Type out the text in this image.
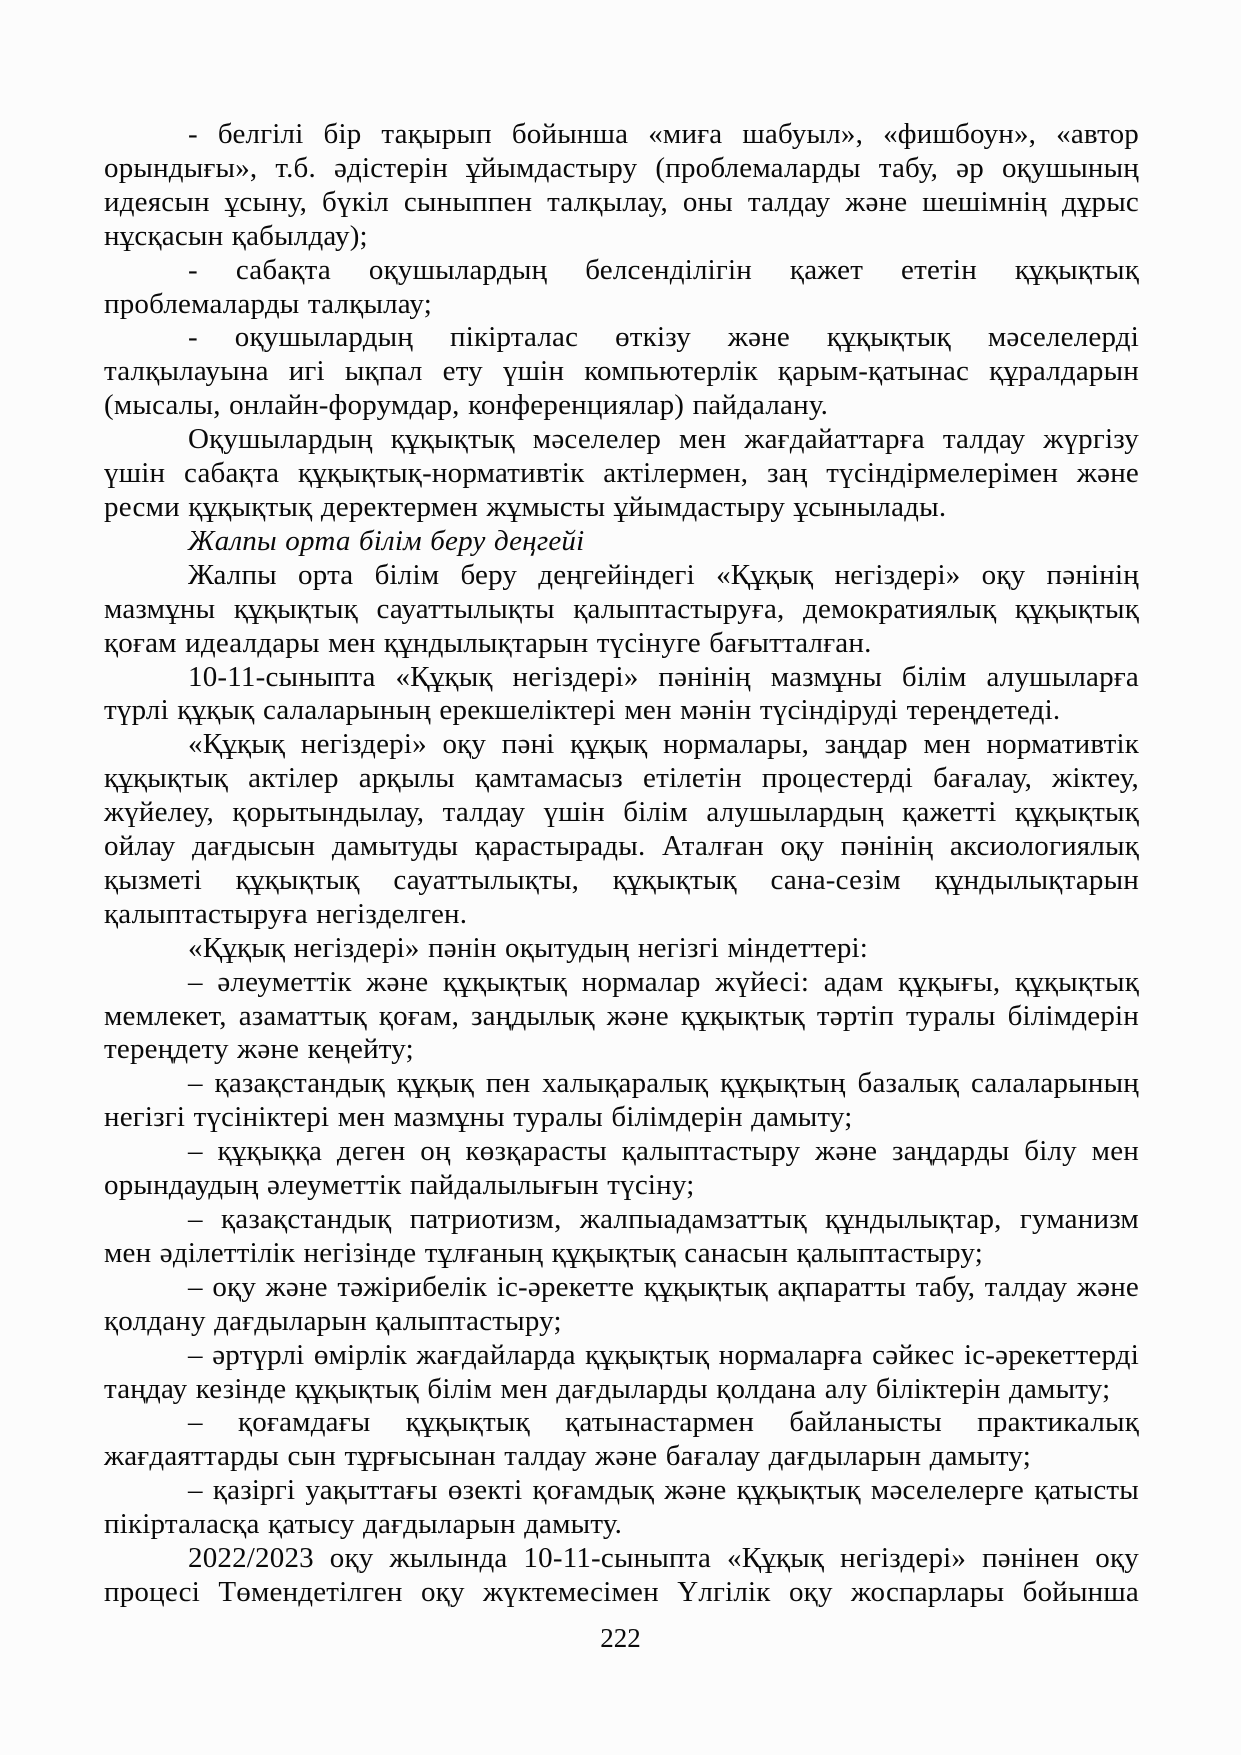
- белгілі бір тақырып бойынша «миға шабуыл», «фишбоун», «автор орындығы», т.б. әдістерін ұйымдастыру (проблемаларды табу, әр оқушының идеясын ұсыну, бүкіл сыныппен талқылау, оны талдау және шешімнің дұрыс нұсқасын қабылдау);

- сабақта оқушылардың белсенділігін қажет ететін құқықтық проблемаларды талқылау;

- оқушылардың пікірталас өткізу және құқықтық мәселелерді талқылауына игі ықпал ету үшін компьютерлік қарым-қатынас құралдарын (мысалы, онлайн-форумдар, конференциялар) пайдалану.

Оқушылардың құқықтық мәселелер мен жағдайаттарға талдау жүргізу үшін сабақта құқықтық-нормативтік актілермен, заң түсіндірмелерімен және ресми құқықтық деректермен жұмысты ұйымдастыру ұсынылады.

Жалпы орта білім беру деңгейі

Жалпы орта білім беру деңгейіндегі «Құқық негіздері» оқу пәнінің мазмұны құқықтық сауаттылықты қалыптастыруға, демократиялық құқықтық қоғам идеалдары мен құндылықтарын түсінуге бағытталған.

10-11-сыныпта «Құқық негіздері» пәнінің мазмұны білім алушыларға түрлі құқық салаларының ерекшеліктері мен мәнін түсіндіруді тереңдетеді.

«Құқық негіздері» оқу пәні құқық нормалары, заңдар мен нормативтік құқықтық актілер арқылы қамтамасыз етілетін процестерді бағалау, жіктеу, жүйелеу, қорытындылау, талдау үшін білім алушылардың қажетті құқықтық ойлау дағдысын дамытуды қарастырады. Аталған оқу пәнінің аксиологиялық қызметі құқықтық сауаттылықты, құқықтық сана-сезім құндылықтарын қалыптастыруға негізделген.

«Құқық негіздері» пәнін оқытудың негізгі міндеттері:

– әлеуметтік және құқықтық нормалар жүйесі: адам құқығы, құқықтық мемлекет, азаматтық қоғам, заңдылық және құқықтық тәртіп туралы білімдерін тереңдету және кеңейту;

– қазақстандық құқық пен халықаралық құқықтың базалық салаларының негізгі түсініктері мен мазмұны туралы білімдерін дамыту;

– құқыққа деген оң көзқарасты қалыптастыру және заңдарды білу мен орындаудың әлеуметтік пайдалылығын түсіну;

– қазақстандық патриотизм, жалпыадамзаттық құндылықтар, гуманизм мен әділеттілік негізінде тұлғаның құқықтық санасын қалыптастыру;

– оқу және тәжірибелік іс-әрекетте құқықтық ақпаратты табу, талдау және қолдану дағдыларын қалыптастыру;

– әртүрлі өмірлік жағдайларда құқықтық нормаларға сәйкес іс-әрекеттерді таңдау кезінде құқықтық білім мен дағдыларды қолдана алу біліктерін дамыту;

– қоғамдағы құқықтық қатынастармен байланысты практикалық жағдаяттарды сын тұрғысынан талдау және бағалау дағдыларын дамыту;

– қазіргі уақыттағы өзекті қоғамдық және құқықтық мәселелерге қатысты пікірталасқа қатысу дағдыларын дамыту.

2022/2023 оқу жылында 10-11-сыныпта «Құқық негіздері» пәнінен оқу процесі Төмендетілген оқу жүктемесімен Үлгілік оқу жоспарлары бойынша

222
